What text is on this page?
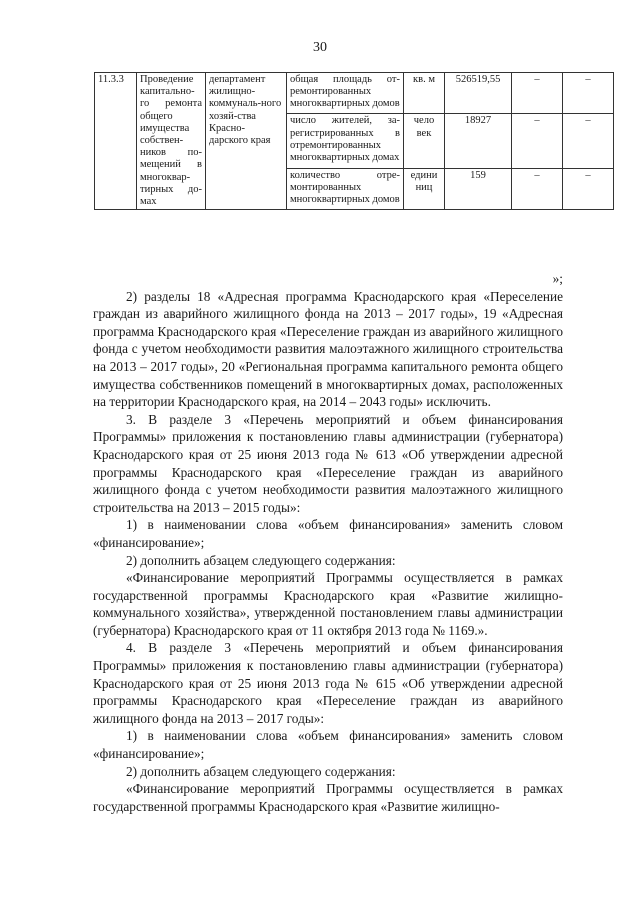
30
11.3.3	Проведение капитально-го ремонта общего имущества собствен-ников по-мещений в многоквар-тирных до-мах	департамент жилищно-коммуналь-ного хозяй-ства Красно-дарского края	общая площадь от-ремонтированных многоквартирных домов	кв. м	526519,55	–	–
			число жителей, за-регистрированных в отремонтированных многоквартирных домах	чело век	18927	–	–
			количество отре-монтированных многоквартирных домов	едини ниц	159	–	–

»;

2) разделы 18 «Адресная программа Краснодарского края «Переселение граждан из аварийного жилищного фонда на 2013 – 2017 годы», 19 «Адресная программа Краснодарского края «Переселение граждан из аварийного жилищного фонда с учетом необходимости развития малоэтажного жилищного строительства на 2013 – 2017 годы», 20 «Региональная программа капитального ремонта общего имущества собственников помещений в многоквартирных домах, расположенных на территории Краснодарского края, на 2014 – 2043 годы» исключить.

3. В разделе 3 «Перечень мероприятий и объем финансирования Программы» приложения к постановлению главы администрации (губернатора) Краснодарского края от 25 июня 2013 года № 613 «Об утверждении адресной программы Краснодарского края «Переселение граждан из аварийного жилищного фонда с учетом необходимости развития малоэтажного жилищного строительства на 2013 – 2015 годы»:

1) в наименовании слова «объем финансирования» заменить словом «финансирование»;

2) дополнить абзацем следующего содержания:

«Финансирование мероприятий Программы осуществляется в рамках государственной программы Краснодарского края «Развитие жилищно-коммунального хозяйства», утвержденной постановлением главы администрации (губернатора) Краснодарского края от 11 октября 2013 года № 1169.».

4. В разделе 3 «Перечень мероприятий и объем финансирования Программы» приложения к постановлению главы администрации (губернатора) Краснодарского края от 25 июня 2013 года № 615 «Об утверждении адресной программы Краснодарского края «Переселение граждан из аварийного жилищного фонда на 2013 – 2017 годы»:

1) в наименовании слова «объем финансирования» заменить словом «финансирование»;

2) дополнить абзацем следующего содержания:

«Финансирование мероприятий Программы осуществляется в рамках государственной программы Краснодарского края «Развитие жилищно-
